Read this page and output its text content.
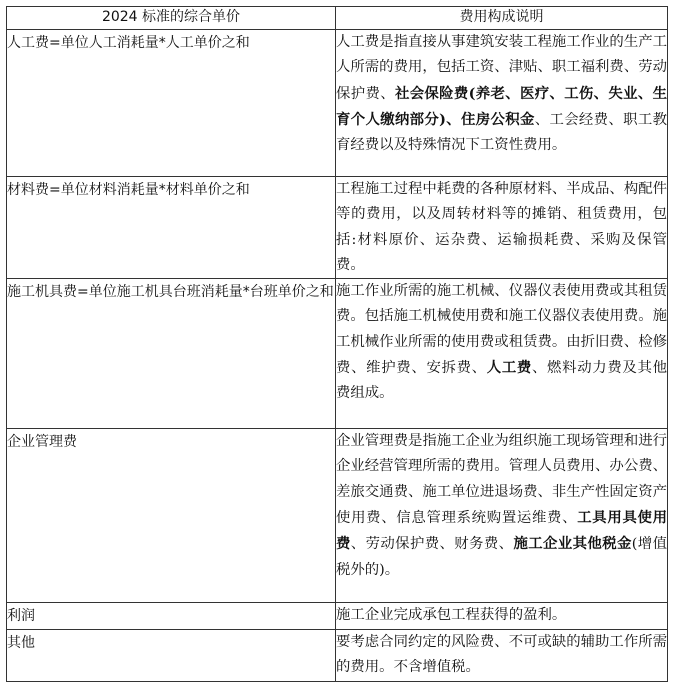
2024 标准的综合单价	费用构成说明
人工费=单位人工消耗量*人工单价之和	人工费是指直接从事建筑安装工程施工作业的生产工人所需的费用，包括工资、津贴、职工福利费、劳动保护费、社会保险费(养老、医疗、工伤、失业、生育个人缴纳部分)、住房公积金、工会经费、职工教育经费以及特殊情况下工资性费用。
材料费=单位材料消耗量*材料单价之和	工程施工过程中耗费的各种原材料、半成品、构配件等的费用，以及周转材料等的摊销、租赁费用，包括:材料原价、运杂费、运输损耗费、采购及保管费。
施工机具费=单位施工机具台班消耗量*台班单价之和	施工作业所需的施工机械、仪器仪表使用费或其租赁费。包括施工机械使用费和施工仪器仪表使用费。施工机械作业所需的使用费或租赁费。由折旧费、检修费、维护费、安拆费、人工费、燃料动力费及其他费组成。
企业管理费	企业管理费是指施工企业为组织施工现场管理和进行企业经营管理所需的费用。管理人员费用、办公费、差旅交通费、施工单位进退场费、非生产性固定资产使用费、信息管理系统购置运维费、工具用具使用费、劳动保护费、财务费、施工企业其他税金(增值税外的)。
利润	施工企业完成承包工程获得的盈利。
其他	要考虑合同约定的风险费、不可或缺的辅助工作所需的费用。不含增值税。
